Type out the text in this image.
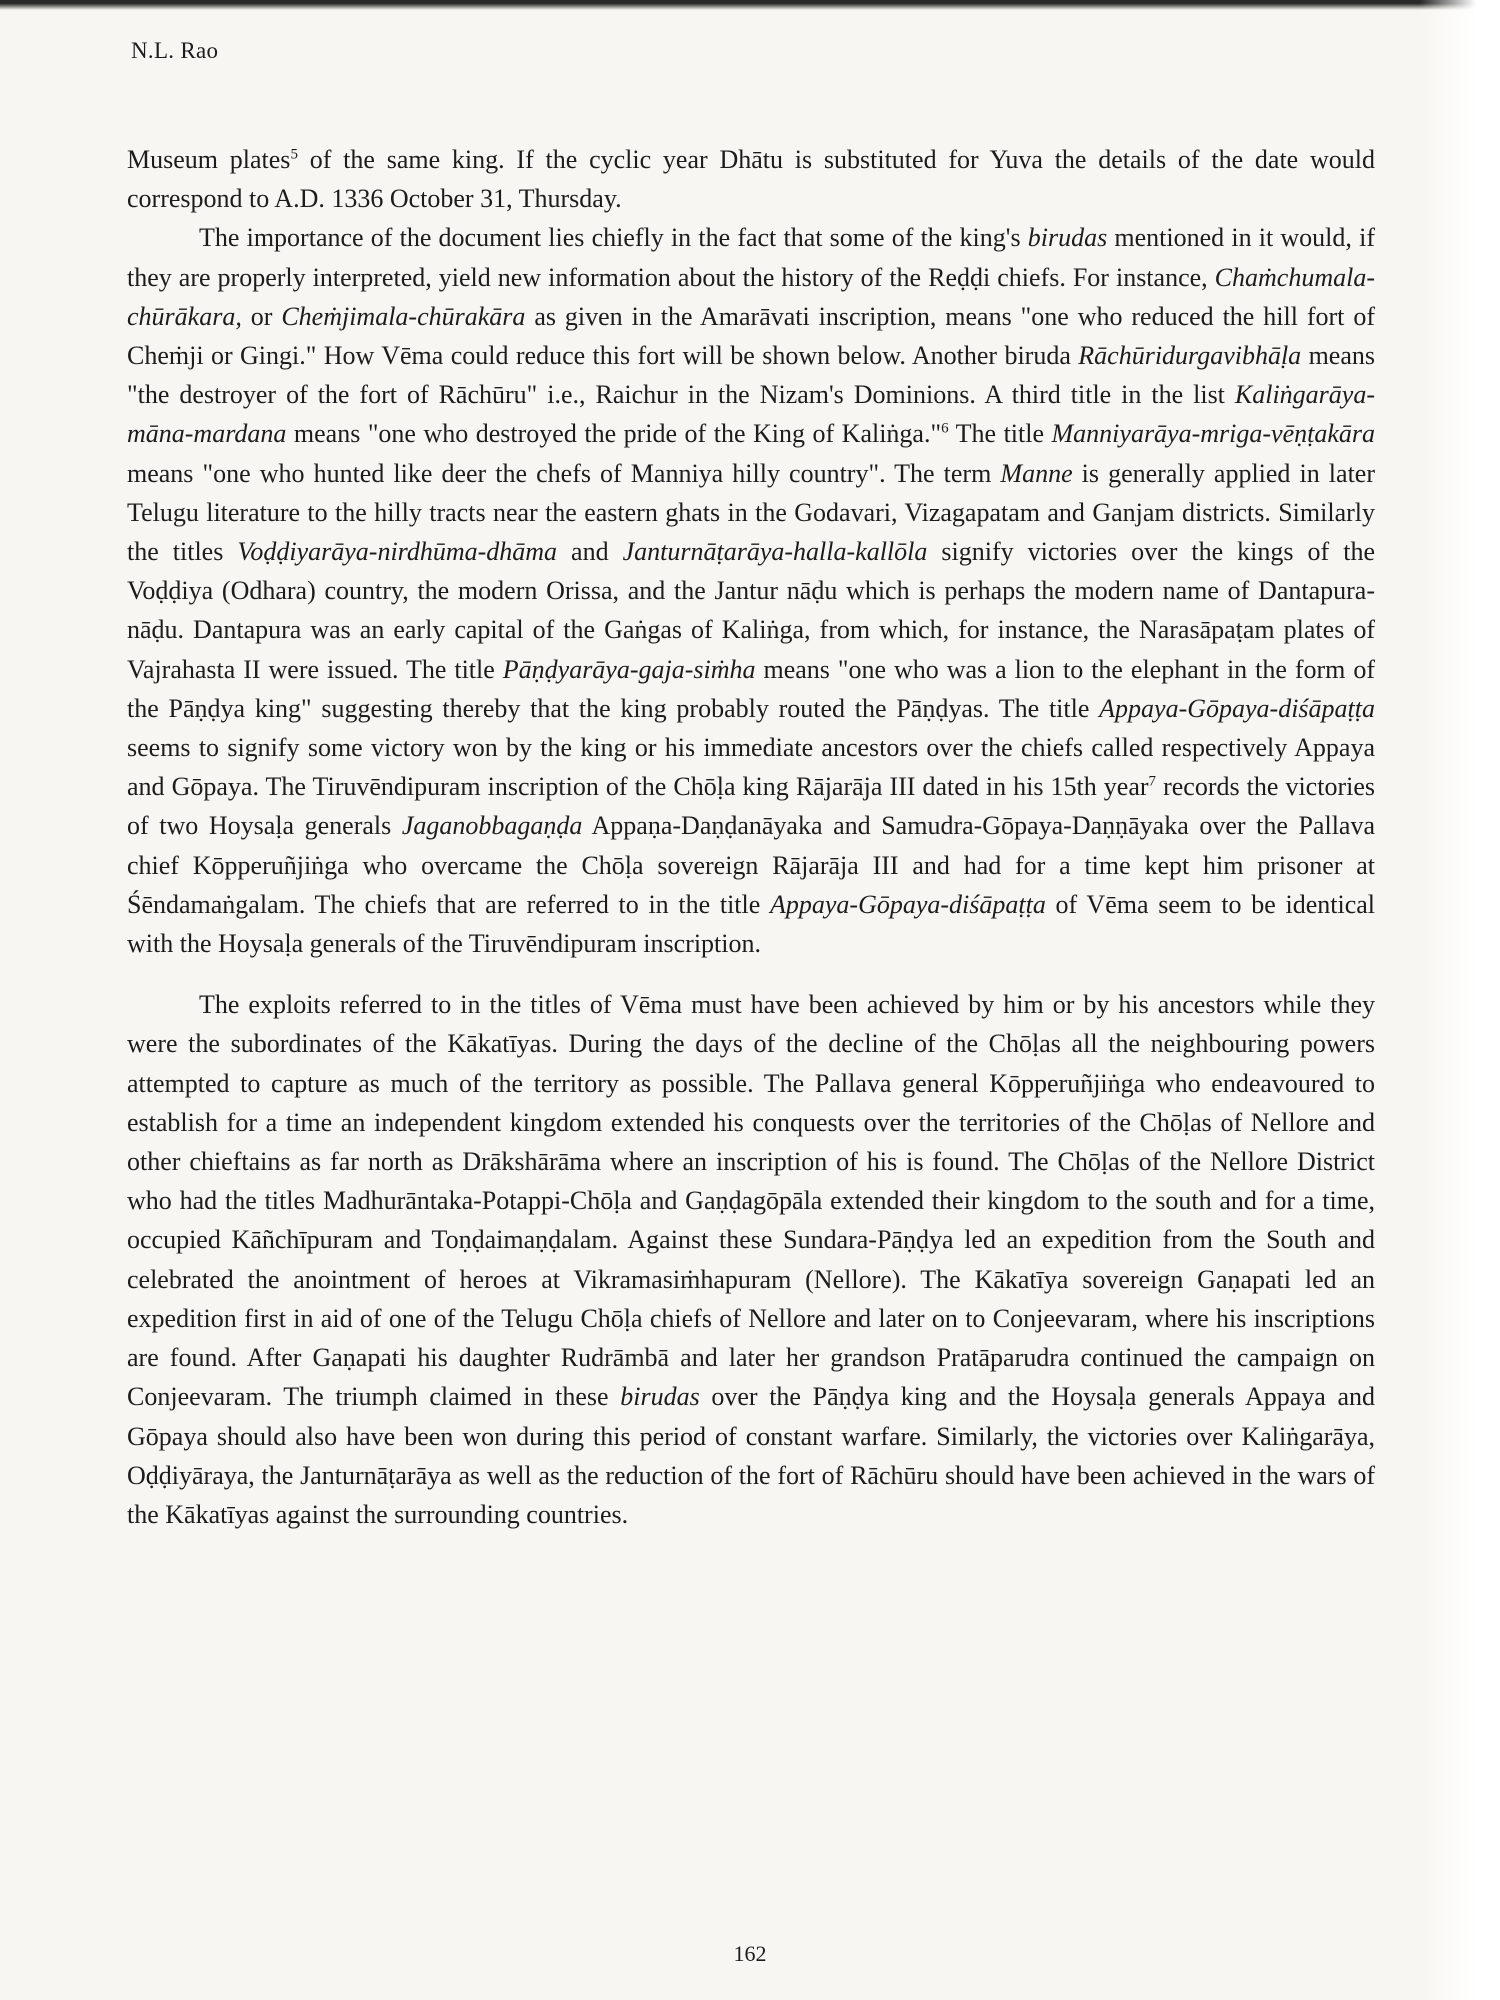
N.L. Rao

Museum plates$^5$ of the same king. If the cyclic year Dhātu is substituted for Yuva the details of the date would correspond to A.D. 1336 October 31, Thursday.

The importance of the document lies chiefly in the fact that some of the king's birudas mentioned in it would, if they are properly interpreted, yield new information about the history of the Reḍḍi chiefs. For instance, Chaṁchumala-chūrākara, or Cheṁjimala-chūrakāra as given in the Amarāvati inscription, means "one who reduced the hill fort of Cheṁji or Gingi." How Vēma could reduce this fort will be shown below. Another biruda Rāchūridurgavibhāḷa means "the destroyer of the fort of Rāchūru" i.e., Raichur in the Nizam's Dominions. A third title in the list Kaliṅgarāya-māna-mardana means "one who destroyed the pride of the King of Kaliṅga."$^6$ The title Manniyarāya-mriga-vēṇṭakāra means "one who hunted like deer the chefs of Manniya hilly country". The term Manne is generally applied in later Telugu literature to the hilly tracts near the eastern ghats in the Godavari, Vizagapatam and Ganjam districts. Similarly the titles Voḍḍiyarāya-nirdhūma-dhāma and Janturnāṭarāya-halla-kallōla signify victories over the kings of the Voḍḍiya (Odhara) country, the modern Orissa, and the Jantur nāḍu which is perhaps the modern name of Dantapura-nāḍu. Dantapura was an early capital of the Gaṅgas of Kaliṅga, from which, for instance, the Narasāpaṭam plates of Vajrahasta II were issued. The title Pāṇḍyarāya-gaja-siṁha means "one who was a lion to the elephant in the form of the Pāṇḍya king" suggesting thereby that the king probably routed the Pāṇḍyas. The title Appaya-Gōpaya-diśāpaṭṭa seems to signify some victory won by the king or his immediate ancestors over the chiefs called respectively Appaya and Gōpaya. The Tiruvēndipuram inscription of the Chōḷa king Rājarāja III dated in his 15th year$^7$ records the victories of two Hoysaḷa generals Jaganobbagaṇḍa Appaṇa-Daṇḍanāyaka and Samudra-Gōpaya-Daṇṇāyaka over the Pallava chief Kōpperuñjiṅga who overcame the Chōḷa sovereign Rājarāja III and had for a time kept him prisoner at Śēndamaṅgalam. The chiefs that are referred to in the title Appaya-Gōpaya-diśāpaṭṭa of Vēma seem to be identical with the Hoysaḷa generals of the Tiruvēndipuram inscription.

The exploits referred to in the titles of Vēma must have been achieved by him or by his ancestors while they were the subordinates of the Kākatīyas. During the days of the decline of the Chōḷas all the neighbouring powers attempted to capture as much of the territory as possible. The Pallava general Kōpperuñjiṅga who endeavoured to establish for a time an independent kingdom extended his conquests over the territories of the Chōḷas of Nellore and other chieftains as far north as Drākshārāma where an inscription of his is found. The Chōḷas of the Nellore District who had the titles Madhurāntaka-Potappi-Chōḷa and Gaṇḍagōpāla extended their kingdom to the south and for a time, occupied Kāñchīpuram and Toṇḍaimaṇḍalam. Against these Sundara-Pāṇḍya led an expedition from the South and celebrated the anointment of heroes at Vikramasiṁhapuram (Nellore). The Kākatīya sovereign Gaṇapati led an expedition first in aid of one of the Telugu Chōḷa chiefs of Nellore and later on to Conjeevaram, where his inscriptions are found. After Gaṇapati his daughter Rudrāmbā and later her grandson Pratāparudra continued the campaign on Conjeevaram. The triumph claimed in these birudas over the Pāṇḍya king and the Hoysaḷa generals Appaya and Gōpaya should also have been won during this period of constant warfare. Similarly, the victories over Kaliṅgarāya, Oḍḍiyāraya, the Janturnāṭarāya as well as the reduction of the fort of Rāchūru should have been achieved in the wars of the Kākatīyas against the surrounding countries.

162
